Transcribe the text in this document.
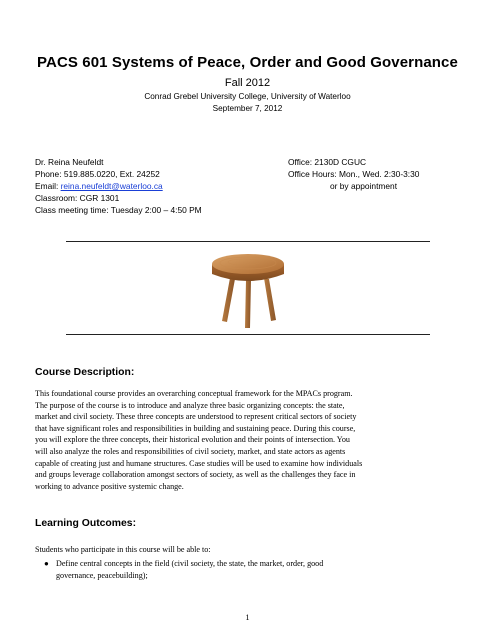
PACS 601 Systems of Peace, Order and Good Governance
Fall 2012
Conrad Grebel University College, University of Waterloo
September 7, 2012
Dr. Reina Neufeldt
Phone: 519.885.0220, Ext. 24252
Email: reina.neufeldt@waterloo.ca
Classroom: CGR 1301
Class meeting time: Tuesday 2:00 – 4:50 PM
Office: 2130D CGUC
Office Hours: Mon., Wed. 2:30-3:30
or by appointment
Course Description:
This foundational course provides an overarching conceptual framework for the MPACs program.
The purpose of the course is to introduce and analyze three basic organizing concepts: the state,
market and civil society. These three concepts are understood to represent critical sectors of society
that have significant roles and responsibilities in building and sustaining peace. During this course,
you will explore the three concepts, their historical evolution and their points of intersection. You
will also analyze the roles and responsibilities of civil society, market, and state actors as agents
capable of creating just and humane structures. Case studies will be used to examine how individuals
and groups leverage collaboration amongst sectors of society, as well as the challenges they face in
working to advance positive systemic change.
Learning Outcomes:
Students who participate in this course will be able to:
● Define central concepts in the field (civil society, the state, the market, order, good
governance, peacebuilding);
1
